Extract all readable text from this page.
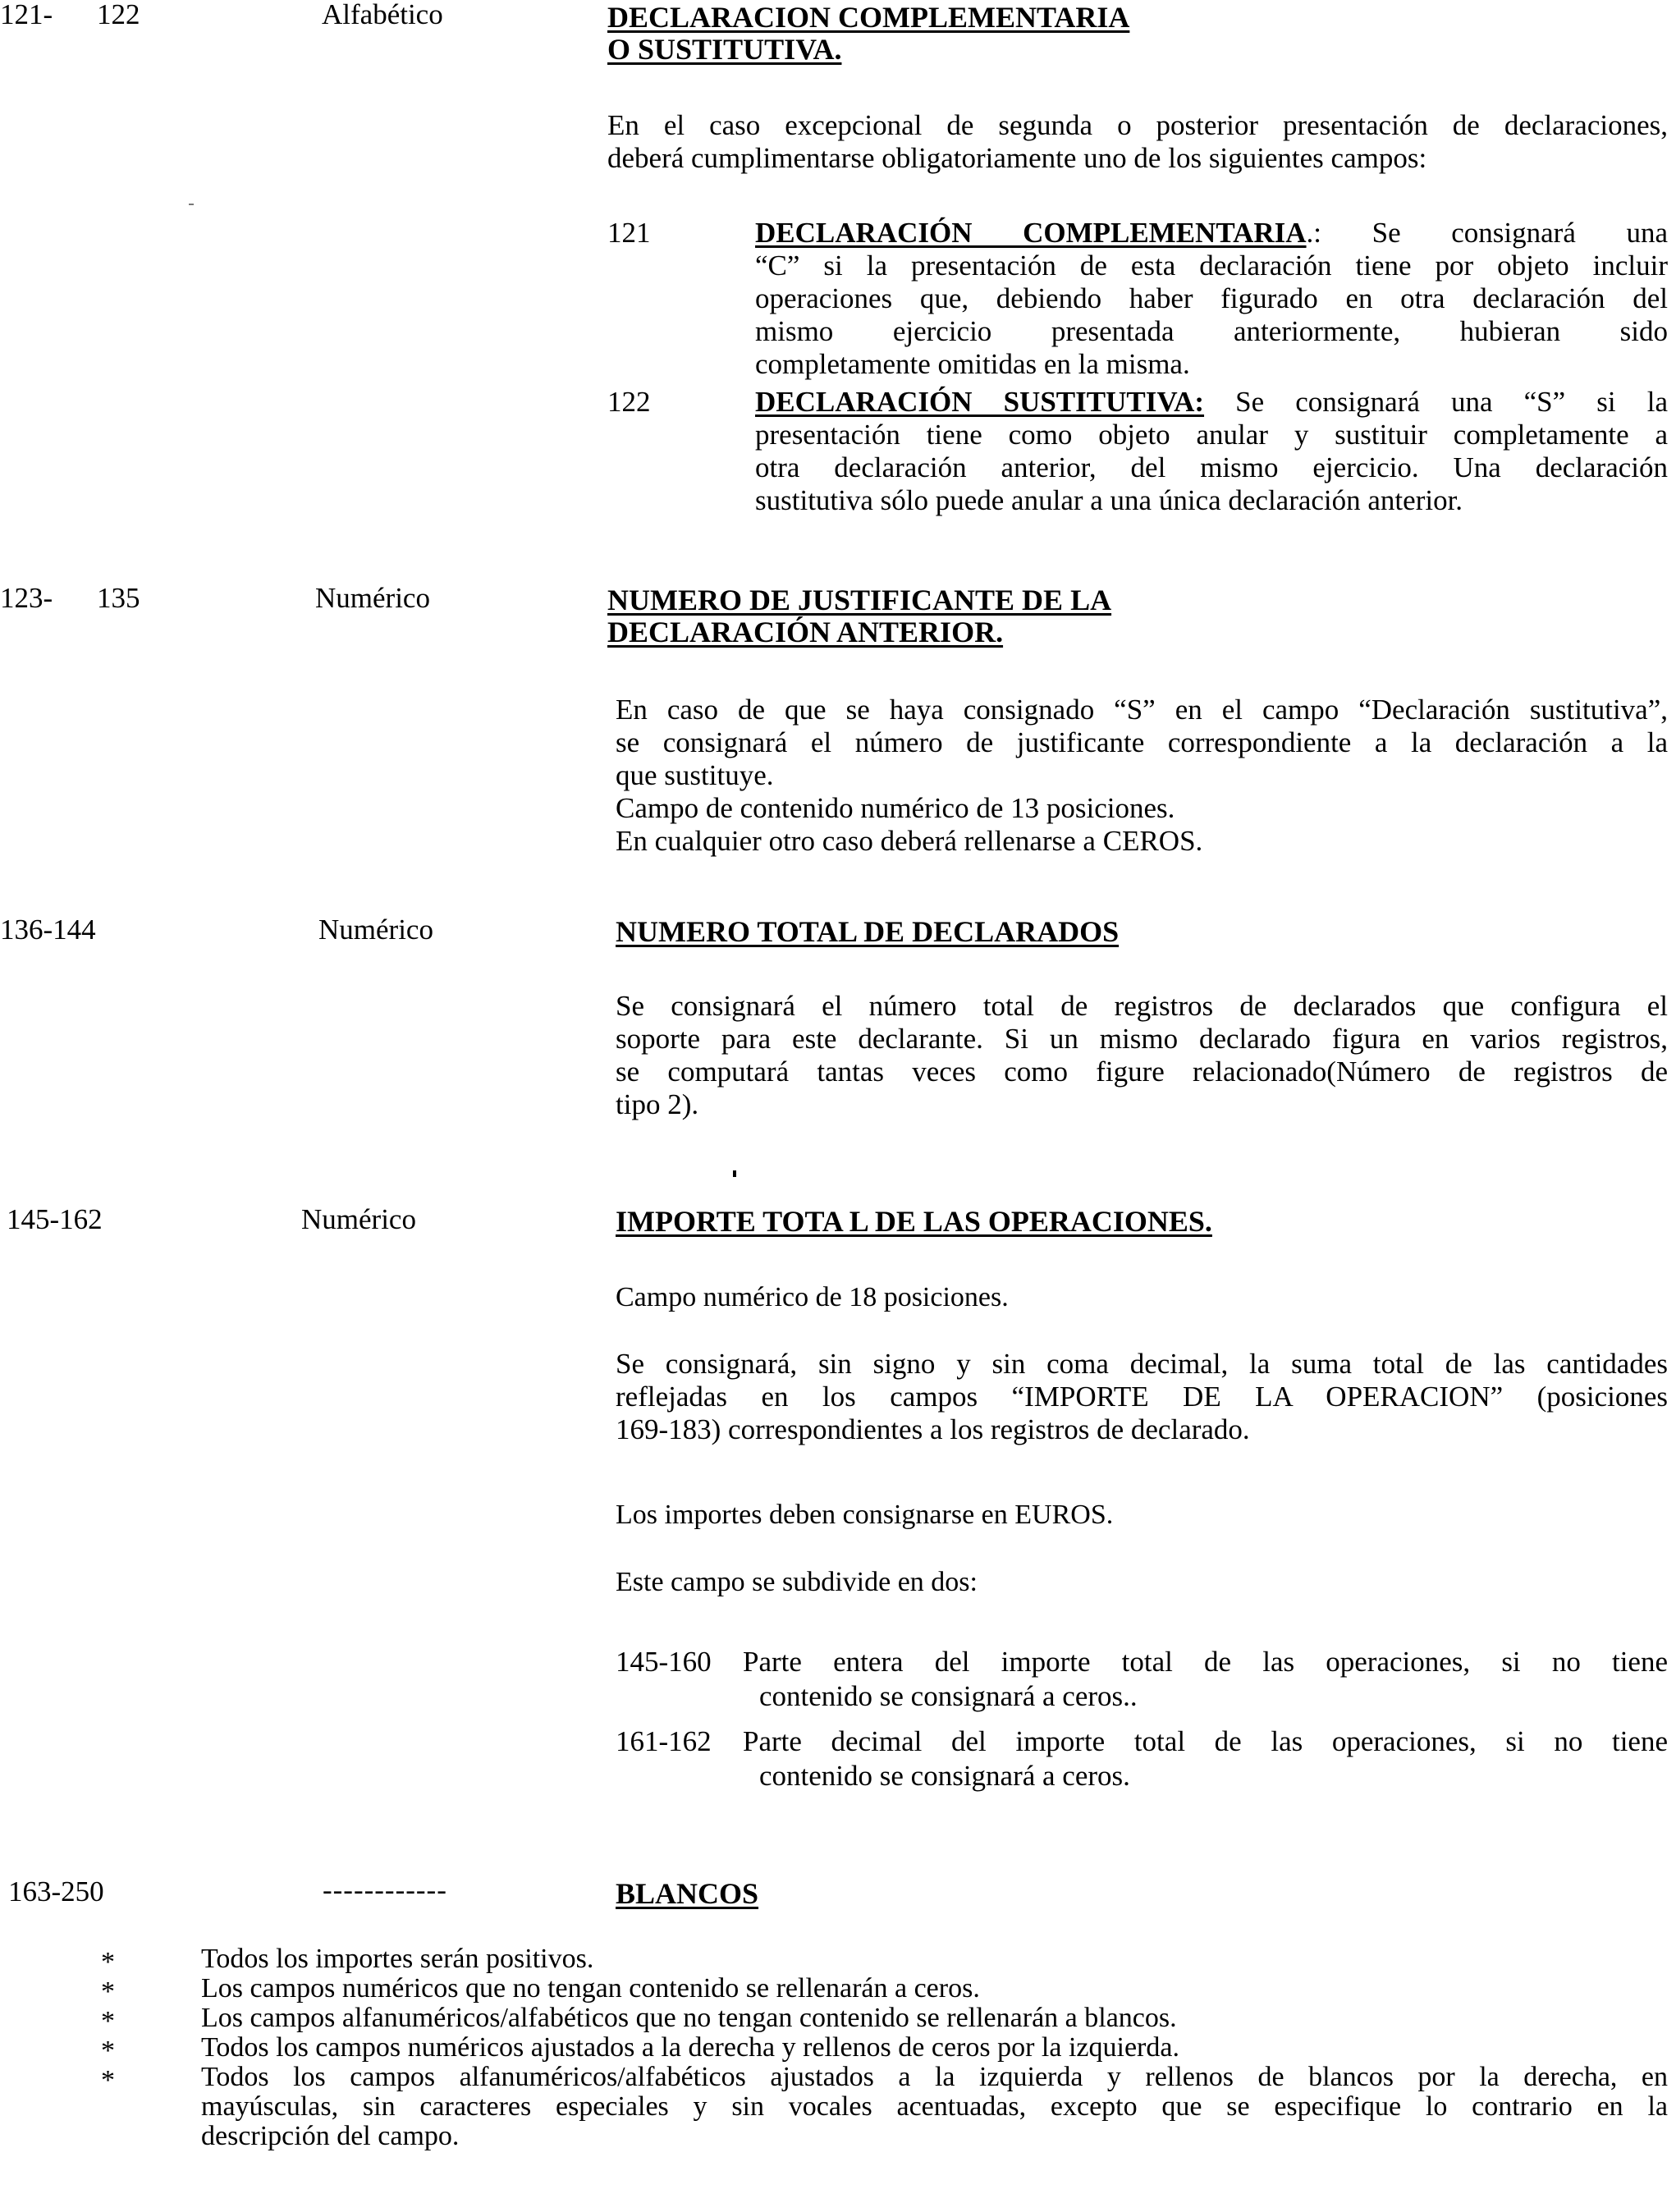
121- 122	Alfabético	DECLARACION COMPLEMENTARIA
O SUSTITUTIVA.
En el caso excepcional de segunda o posterior presentación de declaraciones,
deberá cumplimentarse obligatoriamente uno de los siguientes campos:
121	DECLARACIÓN COMPLEMENTARIA.: Se consignará una
“C” si la presentación de esta declaración tiene por objeto incluir
operaciones que, debiendo haber figurado en otra declaración del
mismo ejercicio presentada anteriormente, hubieran sido
completamente omitidas en la misma.
122	DECLARACIÓN SUSTITUTIVA: Se consignará una “S” si la
presentación tiene como objeto anular y sustituir completamente a
otra declaración anterior, del mismo ejercicio. Una declaración
sustitutiva sólo puede anular a una única declaración anterior.
123- 135	Numérico	NUMERO DE JUSTIFICANTE DE LA
DECLARACIÓN ANTERIOR.
En caso de que se haya consignado “S” en el campo “Declaración sustitutiva”,
se consignará el número de justificante correspondiente a la declaración a la
que sustituye.
Campo de contenido numérico de 13 posiciones.
En cualquier otro caso deberá rellenarse a CEROS.
136-144	Numérico	NUMERO TOTAL DE DECLARADOS
Se consignará el número total de registros de declarados que configura el
soporte para este declarante. Si un mismo declarado figura en varios registros,
se computará tantas veces como figure relacionado(Número de registros de
tipo 2).
145-162	Numérico	IMPORTE TOTA L DE LAS OPERACIONES.
Campo numérico de 18 posiciones.
Se consignará, sin signo y sin coma decimal, la suma total de las cantidades
reflejadas en los campos “IMPORTE DE LA OPERACION” (posiciones
169-183) correspondientes a los registros de declarado.
Los importes deben consignarse en EUROS.
Este campo se subdivide en dos:
145-160 Parte entera del importe total de las operaciones, si no tiene
contenido se consignará a ceros..
161-162 Parte decimal del importe total de las operaciones, si no tiene
contenido se consignará a ceros.
163-250	------------	BLANCOS
*	Todos los importes serán positivos.
*	Los campos numéricos que no tengan contenido se rellenarán a ceros.
*	Los campos alfanuméricos/alfabéticos que no tengan contenido se rellenarán a blancos.
*	Todos los campos numéricos ajustados a la derecha y rellenos de ceros por la izquierda.
*	Todos los campos alfanuméricos/alfabéticos ajustados a la izquierda y rellenos de blancos por la derecha, en
mayúsculas, sin caracteres especiales y sin vocales acentuadas, excepto que se especifique lo contrario en la
descripción del campo.
